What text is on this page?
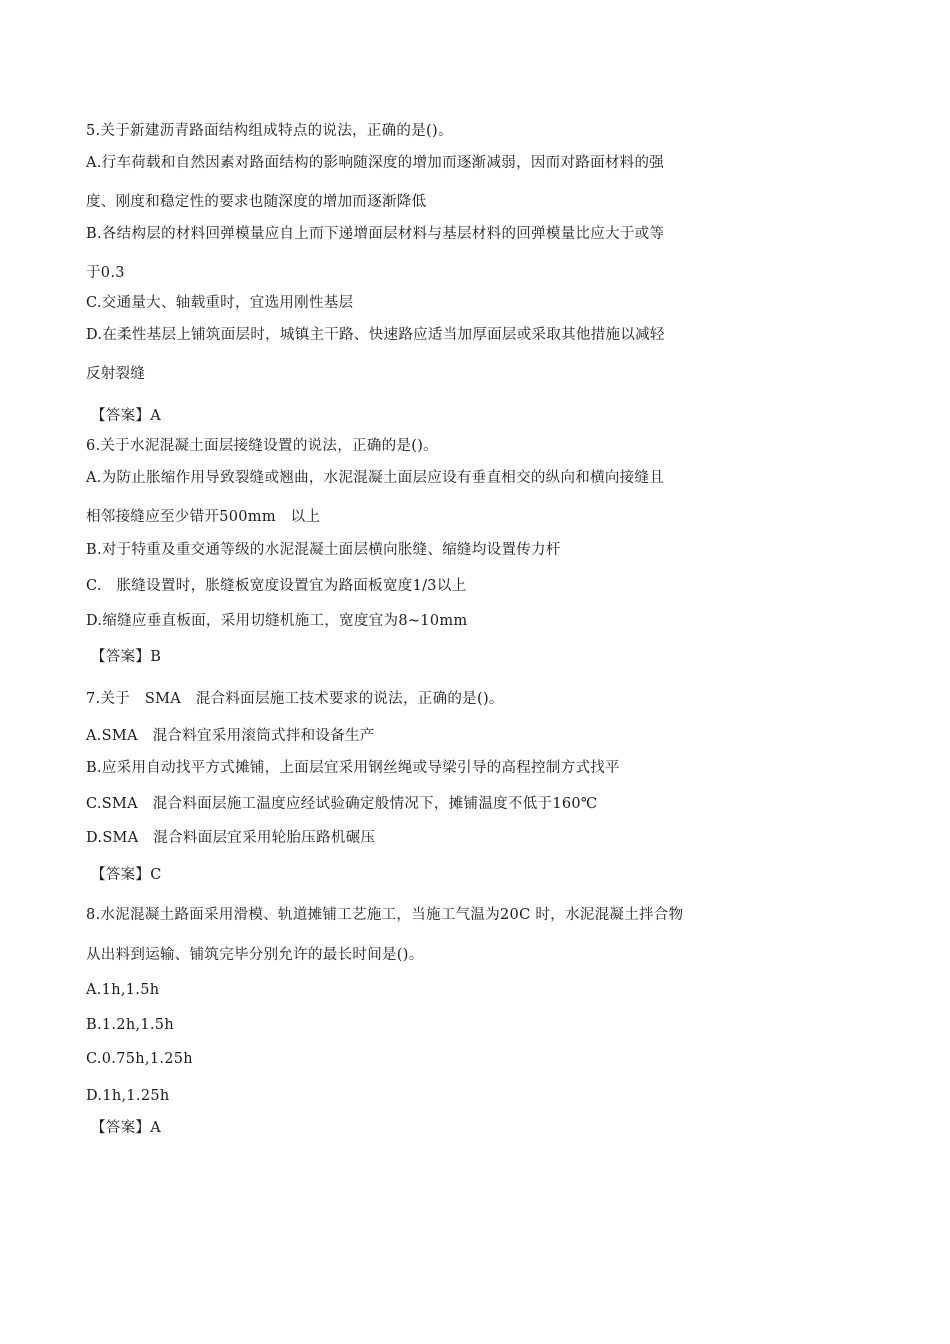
5.关于新建沥青路面结构组成特点的说法，正确的是()。
A.行车荷载和自然因素对路面结构的影响随深度的增加而逐渐减弱，因而对路面材料的强
度、刚度和稳定性的要求也随深度的增加而逐渐降低
B.各结构层的材料回弹模量应自上而下递增面层材料与基层材料的回弹模量比应大于或等
于0.3
C.交通量大、轴载重时，宜选用刚性基层
D.在柔性基层上铺筑面层时，城镇主干路、快速路应适当加厚面层或采取其他措施以减轻
反射裂缝
【答案】A
6.关于水泥混凝土面层接缝设置的说法，正确的是()。
A.为防止胀缩作用导致裂缝或翘曲，水泥混凝土面层应设有垂直相交的纵向和横向接缝且
相邻接缝应至少错开500mm　以上
B.对于特重及重交通等级的水泥混凝土面层横向胀缝、缩缝均设置传力杆
C.　胀缝设置时，胀缝板宽度设置宜为路面板宽度1/3以上
D.缩缝应垂直板面，采用切缝机施工，宽度宜为8~10mm
【答案】B
7.关于　SMA　混合料面层施工技术要求的说法，正确的是()。
A.SMA　混合料宜采用滚筒式拌和设备生产
B.应采用自动找平方式摊铺，上面层宜采用钢丝绳或导梁引导的高程控制方式找平
C.SMA　混合料面层施工温度应经试验确定般情况下，摊铺温度不低于160℃
D.SMA　混合料面层宜采用轮胎压路机碾压
【答案】C
8.水泥混凝土路面采用滑模、轨道摊铺工艺施工，当施工气温为20C 时，水泥混凝土拌合物
从出料到运输、铺筑完毕分别允许的最长时间是()。
A.1h,1.5h
B.1.2h,1.5h
C.0.75h,1.25h
D.1h,1.25h
【答案】A
